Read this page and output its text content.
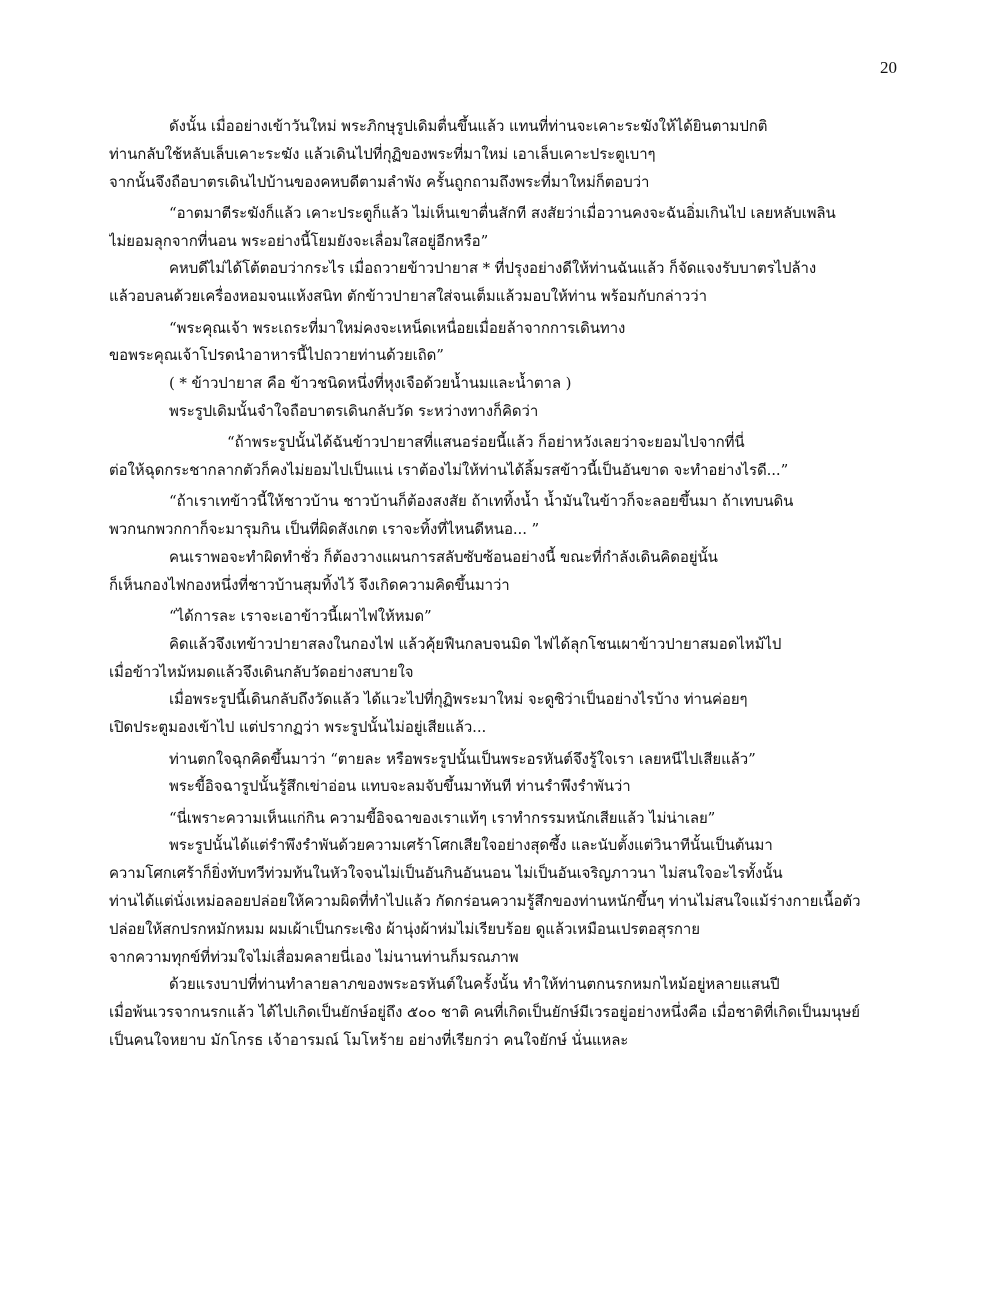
20
ดังนั้น เมื่ออย่างเข้าวันใหม่ พระภิกษุรูปเดิมตื่นขึ้นแล้ว แทนที่ท่านจะเคาะระฆังให้ได้ยินตามปกติ
ท่านกลับใช้หลับเล็บเคาะระฆัง แล้วเดินไปที่กุฏิของพระที่มาใหม่ เอาเล็บเคาะประตูเบาๆ
จากนั้นจึงถือบาตรเดินไปบ้านของคหบดีตามลำพัง ครั้นถูกถามถึงพระที่มาใหม่ก็ตอบว่า
“อาตมาตีระฆังก็แล้ว เคาะประตูก็แล้ว ไม่เห็นเขาตื่นสักที สงสัยว่าเมื่อวานคงจะฉันอิ่มเกินไป เลยหลับเพลิน
ไม่ยอมลุกจากที่นอน พระอย่างนี้โยมยังจะเลื่อมใสอยู่อีกหรือ”
คหบดีไม่ได้โต้ตอบว่ากระไร เมื่อถวายข้าวปายาส * ที่ปรุงอย่างดีให้ท่านฉันแล้ว ก็จัดแจงรับบาตรไปล้าง
แล้วอบลนด้วยเครื่องหอมจนแห้งสนิท ตักข้าวปายาสใส่จนเต็มแล้วมอบให้ท่าน พร้อมกับกล่าวว่า
“พระคุณเจ้า พระเถระที่มาใหม่คงจะเหน็ดเหนื่อยเมื่อยล้าจากการเดินทาง
ขอพระคุณเจ้าโปรดนำอาหารนี้ไปถวายท่านด้วยเถิด”
( * ข้าวปายาส คือ ข้าวชนิดหนึ่งที่หุงเจือด้วยน้ำนมและน้ำตาล )
พระรูปเดิมนั้นจำใจถือบาตรเดินกลับวัด ระหว่างทางก็คิดว่า
“ถ้าพระรูปนั้นได้ฉันข้าวปายาสที่แสนอร่อยนี้แล้ว ก็อย่าหวังเลยว่าจะยอมไปจากที่นี่
ต่อให้ฉุดกระชากลากตัวก็คงไม่ยอมไปเป็นแน่ เราต้องไม่ให้ท่านได้ลิ้มรสข้าวนี้เป็นอันขาด จะทำอย่างไรดี...”
“ถ้าเราเทข้าวนี้ให้ชาวบ้าน ชาวบ้านก็ต้องสงสัย ถ้าเททิ้งน้ำ น้ำมันในข้าวก็จะลอยขึ้นมา ถ้าเทบนดิน
พวกนกพวกกาก็จะมารุมกิน เป็นที่ผิดสังเกต เราจะทิ้งที่ไหนดีหนอ... ”
คนเราพอจะทำผิดทำชั่ว ก็ต้องวางแผนการสลับซับซ้อนอย่างนี้ ขณะที่กำลังเดินคิดอยู่นั้น
ก็เห็นกองไฟกองหนึ่งที่ชาวบ้านสุมทิ้งไว้ จึงเกิดความคิดขึ้นมาว่า
“ได้การละ เราจะเอาข้าวนี้เผาไฟให้หมด”
คิดแล้วจึงเทข้าวปายาสลงในกองไฟ แล้วคุ้ยฟืนกลบจนมิด ไฟได้ลุกโชนเผาข้าวปายาสมอดไหม้ไป
เมื่อข้าวไหม้หมดแล้วจึงเดินกลับวัดอย่างสบายใจ
เมื่อพระรูปนี้เดินกลับถึงวัดแล้ว ได้แวะไปที่กุฏิพระมาใหม่ จะดูซิว่าเป็นอย่างไรบ้าง ท่านค่อยๆ
เปิดประตูมองเข้าไป แต่ปรากฏว่า พระรูปนั้นไม่อยู่เสียแล้ว...
ท่านตกใจฉุกคิดขึ้นมาว่า “ตายละ หรือพระรูปนั้นเป็นพระอรหันต์จึงรู้ใจเรา เลยหนีไปเสียแล้ว”
พระขี้อิจฉารูปนั้นรู้สึกเข่าอ่อน แทบจะลมจับขึ้นมาทันที ท่านรำพึงรำพันว่า
“นี่เพราะความเห็นแก่กิน ความขี้อิจฉาของเราแท้ๆ เราทำกรรมหนักเสียแล้ว ไม่น่าเลย”
พระรูปนั้นได้แต่รำพึงรำพันด้วยความเศร้าโศกเสียใจอย่างสุดซึ้ง และนับตั้งแต่วินาทีนั้นเป็นต้นมา
ความโศกเศร้าก็ยิ่งทับทวีท่วมท้นในหัวใจจนไม่เป็นอันกินอันนอน ไม่เป็นอันเจริญภาวนา ไม่สนใจอะไรทั้งนั้น
ท่านได้แต่นั่งเหม่อลอยปล่อยให้ความผิดที่ทำไปแล้ว กัดกร่อนความรู้สึกของท่านหนักขึ้นๆ ท่านไม่สนใจแม้ร่างกายเนื้อตัว
ปล่อยให้สกปรกหมักหมม ผมเผ้าเป็นกระเซิง ผ้านุ่งผ้าห่มไม่เรียบร้อย ดูแล้วเหมือนเปรตอสุรกาย
จากความทุกข์ที่ท่วมใจไม่เสื่อมคลายนี่เอง ไม่นานท่านก็มรณภาพ
ด้วยแรงบาปที่ท่านทำลายลาภของพระอรหันต์ในครั้งนั้น ทำให้ท่านตกนรกหมกไหม้อยู่หลายแสนปี
เมื่อพ้นเวรจากนรกแล้ว ได้ไปเกิดเป็นยักษ์อยู่ถึง ๕๐๐ ชาติ คนที่เกิดเป็นยักษ์มีเวรอยู่อย่างหนึ่งคือ เมื่อชาติที่เกิดเป็นมนุษย์
เป็นคนใจหยาบ มักโกรธ เจ้าอารมณ์ โมโหร้าย อย่างที่เรียกว่า คนใจยักษ์ นั่นแหละ
